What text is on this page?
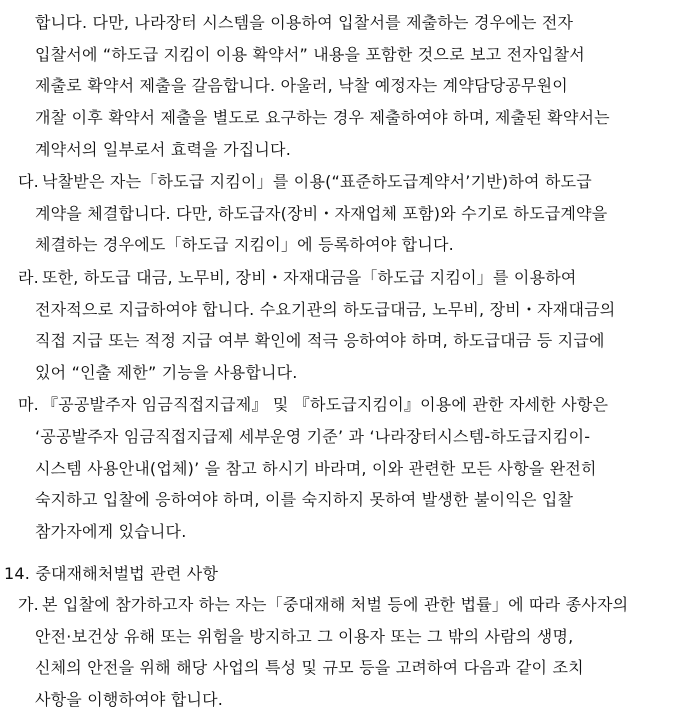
합니다. 다만, 나라장터 시스템을 이용하여 입찰서를 제출하는 경우에는 전자
입찰서에 “하도급 지킴이 이용 확약서” 내용을 포함한 것으로 보고 전자입찰서
제출로 확약서 제출을 갈음합니다. 아울러, 낙찰 예정자는 계약담당공무원이
개찰 이후 확약서 제출을 별도로 요구하는 경우 제출하여야 하며, 제출된 확약서는
계약서의 일부로서 효력을 가집니다.
다. 낙찰받은 자는「하도급 지킴이」를 이용(“표준하도급계약서’기반)하여 하도급
계약을 체결합니다. 다만, 하도급자(장비・자재업체 포함)와 수기로 하도급계약을
체결하는 경우에도「하도급 지킴이」에 등록하여야 합니다.
라. 또한, 하도급 대금, 노무비, 장비・자재대금을「하도급 지킴이」를 이용하여
전자적으로 지급하여야 합니다. 수요기관의 하도급대금, 노무비, 장비・자재대금의
직접 지급 또는 적정 지급 여부 확인에 적극 응하여야 하며, 하도급대금 등 지급에
있어 “인출 제한” 기능을 사용합니다.
마. 『공공발주자 임금직접지급제』 및 『하도급지킴이』이용에 관한 자세한 사항은
‘공공발주자 임금직접지급제 세부운영 기준’ 과 ‘나라장터시스템-하도급지킴이-
시스템 사용안내(업체)’ 을 참고 하시기 바라며, 이와 관련한 모든 사항을 완전히
숙지하고 입찰에 응하여야 하며, 이를 숙지하지 못하여 발생한 불이익은 입찰
참가자에게 있습니다.
14. 중대재해처벌법 관련 사항
가. 본 입찰에 참가하고자 하는 자는「중대재해 처벌 등에 관한 법률」에 따라 종사자의
안전·보건상 유해 또는 위험을 방지하고 그 이용자 또는 그 밖의 사람의 생명,
신체의 안전을 위해 해당 사업의 특성 및 규모 등을 고려하여 다음과 같이 조치
사항을 이행하여야 합니다.
